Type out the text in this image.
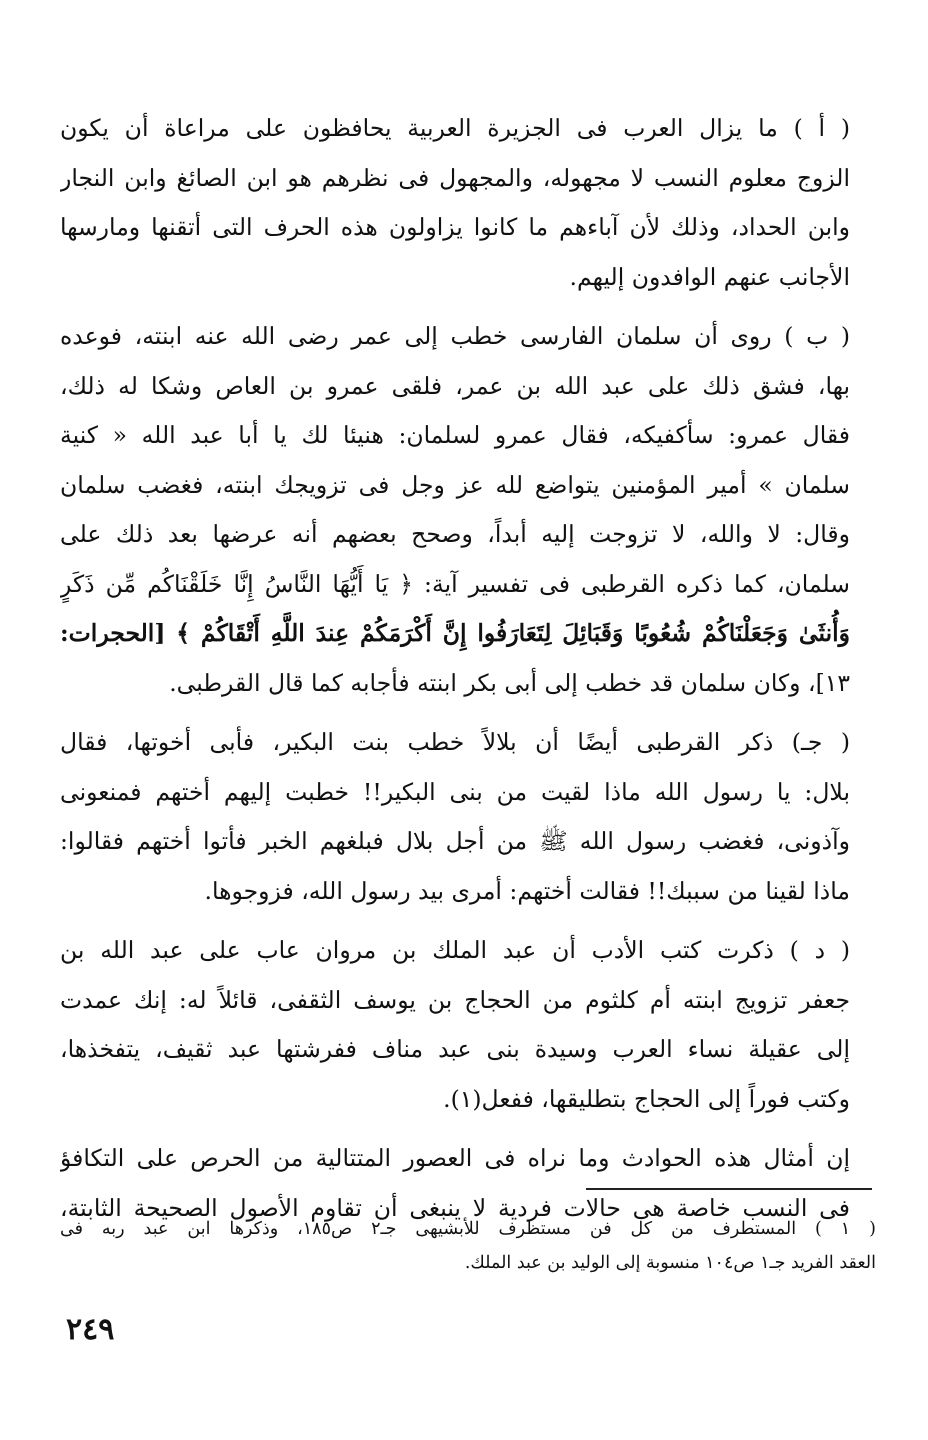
( أ ) ما يزال العرب فى الجزيرة العربية يحافظون على مراعاة أن يكون
الزوج معلوم النسب لا مجهوله، والمجهول فى نظرهم هو ابن الصائغ وابن النجار
وابن الحداد، وذلك لأن آباءهم ما كانوا يزاولون هذه الحرف التى أتقنها ومارسها
الأجانب عنهم الوافدون إليهم.

( ب ) روى أن سلمان الفارسى خطب إلى عمر رضى الله عنه ابنته، فوعده
بها، فشق ذلك على عبد الله بن عمر، فلقى عمرو بن العاص وشكا له ذلك،
فقال عمرو: سأكفيكه، فقال عمرو لسلمان: هنيئا لك يا أبا عبد الله « كنية
سلمان » أمير المؤمنين يتواضع لله عز وجل فى تزويجك ابنته، فغضب سلمان
وقال: لا والله، لا تزوجت إليه أبداً، وصحح بعضهم أنه عرضها بعد ذلك على
سلمان، كما ذكره القرطبى فى تفسير آية: ﴿ يَا أَيُّهَا النَّاسُ إِنَّا خَلَقْنَاكُم مِّن ذَكَرٍ
وَأُنثَىٰ وَجَعَلْنَاكُمْ شُعُوبًا وَقَبَائِلَ لِتَعَارَفُوا إِنَّ أَكْرَمَكُمْ عِندَ اللَّهِ أَتْقَاكُمْ ﴾ [الحجرات:
١٣]، وكان سلمان قد خطب إلى أبى بكر ابنته فأجابه كما قال القرطبى.

( جـ) ذكر القرطبى أيضًا أن بلالاً خطب بنت البكير، فأبى أخوتها، فقال
بلال: يا رسول الله ماذا لقيت من بنى البكير!! خطبت إليهم أختهم فمنعونى
وآذونى، فغضب رسول الله ﷺ من أجل بلال فبلغهم الخبر فأتوا أختهم فقالوا:
ماذا لقينا من سببك!! فقالت أختهم: أمرى بيد رسول الله، فزوجوها.

( د ) ذكرت كتب الأدب أن عبد الملك بن مروان عاب على عبد الله بن
جعفر تزويج ابنته أم كلثوم من الحجاج بن يوسف الثقفى، قائلاً له: إنك عمدت
إلى عقيلة نساء العرب وسيدة بنى عبد مناف ففرشتها عبد ثقيف، يتفخذها،
وكتب فوراً إلى الحجاج بتطليقها، ففعل(١).

إن أمثال هذه الحوادث وما نراه فى العصور المتتالية من الحرص على التكافؤ
فى النسب خاصة هى حالات فردية لا ينبغى أن تقاوم الأصول الصحيحة الثابتة،

( ١ ) المستطرف من كل فن مستظرف للأبشيهى جـ٢ ص١٨٥، وذكرها ابن عبد ربه فى
العقد الفريد جـ١ ص١٠٤ منسوبة إلى الوليد بن عبد الملك.
٢٤٩
